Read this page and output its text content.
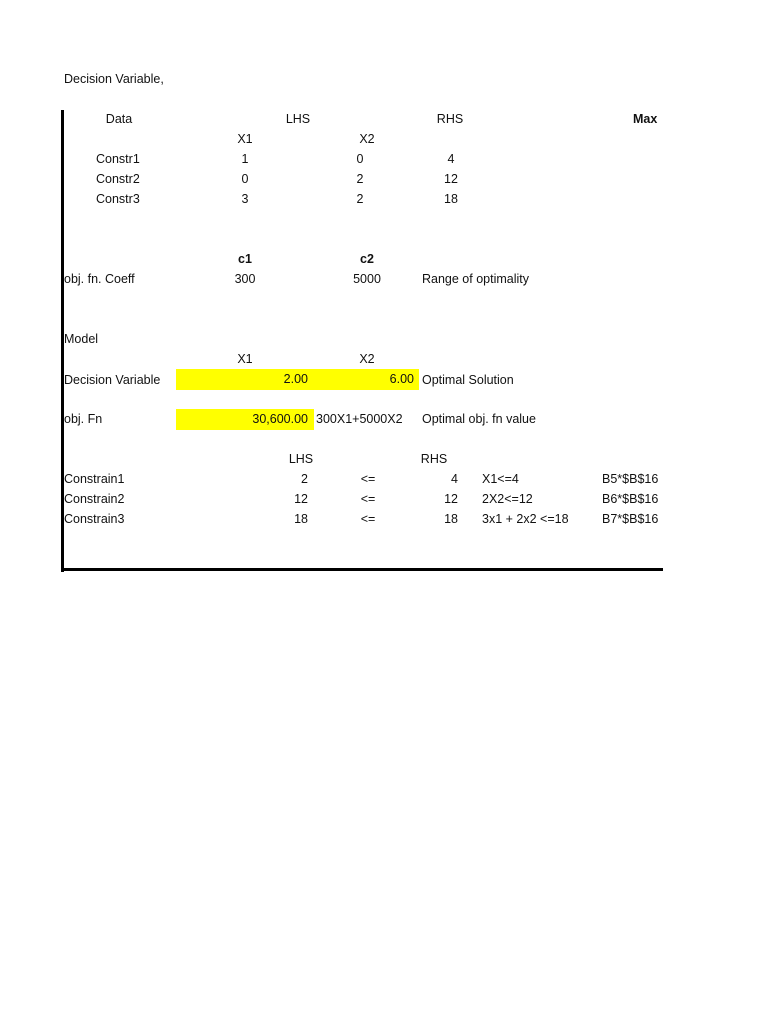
Decision Variable,
Data	LHS	RHS	Max
X1	X2
Constr1	1	0	4
Constr2	0	2	12
Constr3	3	2	18
c1	c2
obj. fn. Coeff	300	5000	Range of optimality
Model
X1	X2
Decision Variable	2.00	6.00 Optimal Solution
obj. Fn	30,600.00 300X1+5000X2 Optimal obj. fn value
LHS	RHS
Constrain1	2	<=	4 X1<=4	B5*$B$16
Constrain2	12	<=	12 2X2<=12	B6*$B$16
Constrain3	18	<=	18 3x1 + 2x2 <=18	B7*$B$16
